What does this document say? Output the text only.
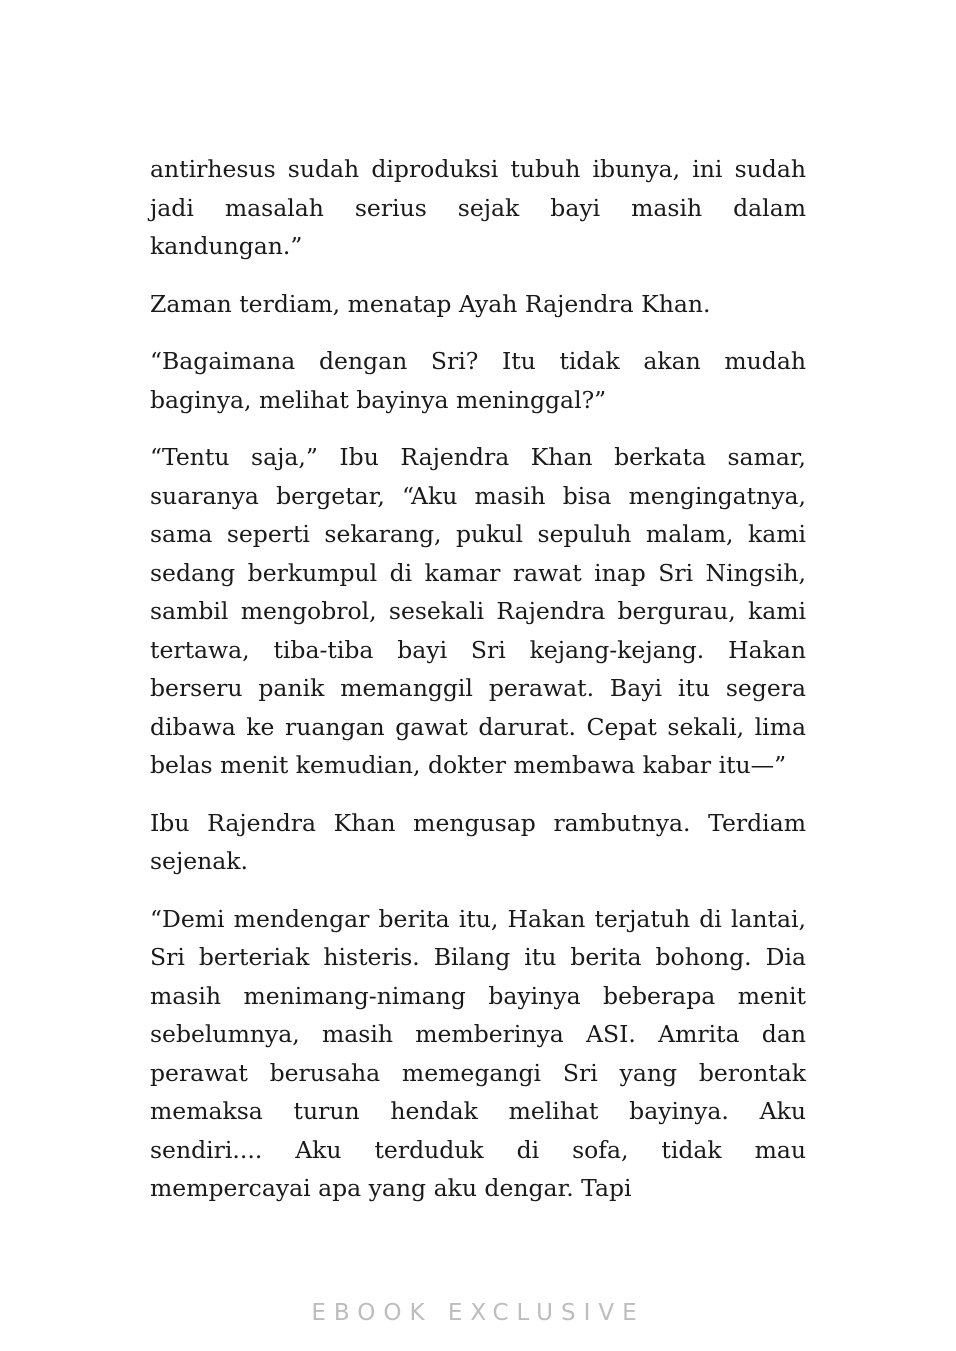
antirhesus sudah diproduksi tubuh ibunya, ini sudah jadi masalah serius sejak bayi masih dalam kandungan.”

Zaman terdiam, menatap Ayah Rajendra Khan.

“Bagaimana dengan Sri? Itu tidak akan mudah baginya, melihat bayinya meninggal?”

“Tentu saja,” Ibu Rajendra Khan berkata samar, suaranya bergetar, “Aku masih bisa mengingatnya, sama seperti sekarang, pukul sepuluh malam, kami sedang berkumpul di kamar rawat inap Sri Ningsih, sambil mengobrol, sesekali Rajendra bergurau, kami tertawa, tiba-tiba bayi Sri kejang-kejang. Hakan berseru panik memanggil perawat. Bayi itu segera dibawa ke ruangan gawat darurat. Cepat sekali, lima belas menit kemudian, dokter membawa kabar itu—”

Ibu Rajendra Khan mengusap rambutnya. Terdiam sejenak.

“Demi mendengar berita itu, Hakan terjatuh di lantai, Sri berteriak histeris. Bilang itu berita bohong. Dia masih menimang-nimang bayinya beberapa menit sebelumnya, masih memberinya ASI. Amrita dan perawat berusaha memegangi Sri yang berontak memaksa turun hendak melihat bayinya. Aku sendiri.... Aku terduduk di sofa, tidak mau mempercayai apa yang aku dengar. Tapi

EBOOK EXCLUSIVE
